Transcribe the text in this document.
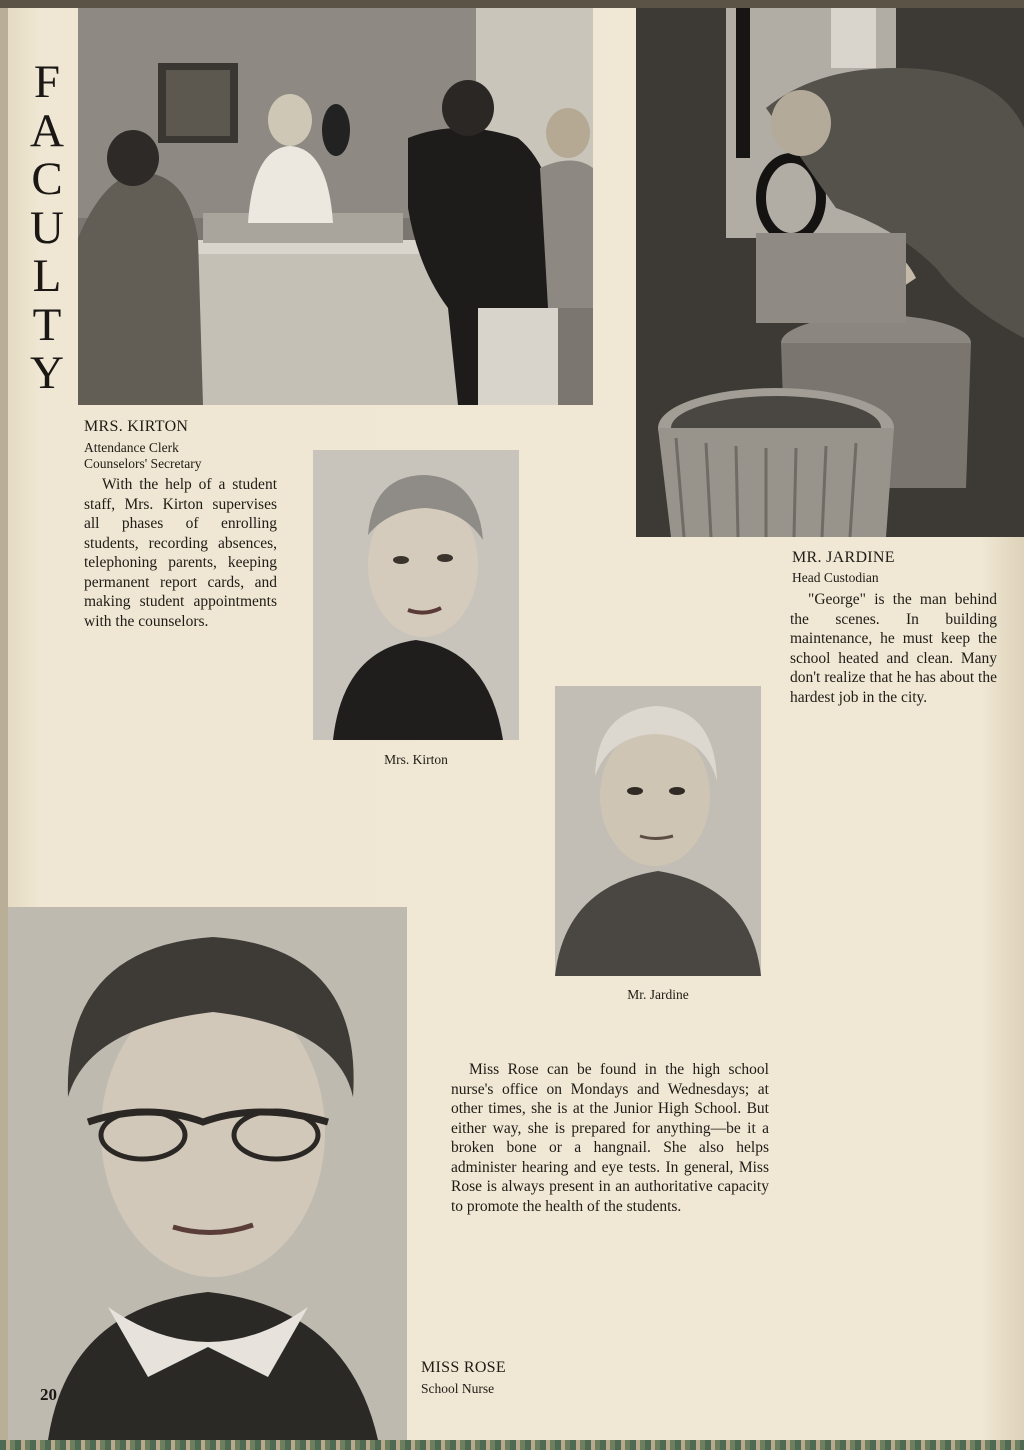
F
A
C
U
L
T
Y
MRS. KIRTON
Attendance Clerk
Counselors' Secretary
With the help of a student staff, Mrs. Kirton supervises all phases of enrolling students, recording absences, telephoning parents, keeping permanent report cards, and making student appointments with the counselors.
Mrs. Kirton
MR. JARDINE
Head Custodian
"George" is the man behind the scenes. In building maintenance, he must keep the school heated and clean. Many don't realize that he has about the hardest job in the city.
Mr. Jardine
Miss Rose can be found in the high school nurse's office on Mondays and Wednesdays; at other times, she is at the Junior High School. But either way, she is prepared for anything—be it a broken bone or a hangnail. She also helps administer hearing and eye tests. In general, Miss Rose is always present in an authoritative capacity to promote the health of the students.
MISS ROSE
School Nurse
20
